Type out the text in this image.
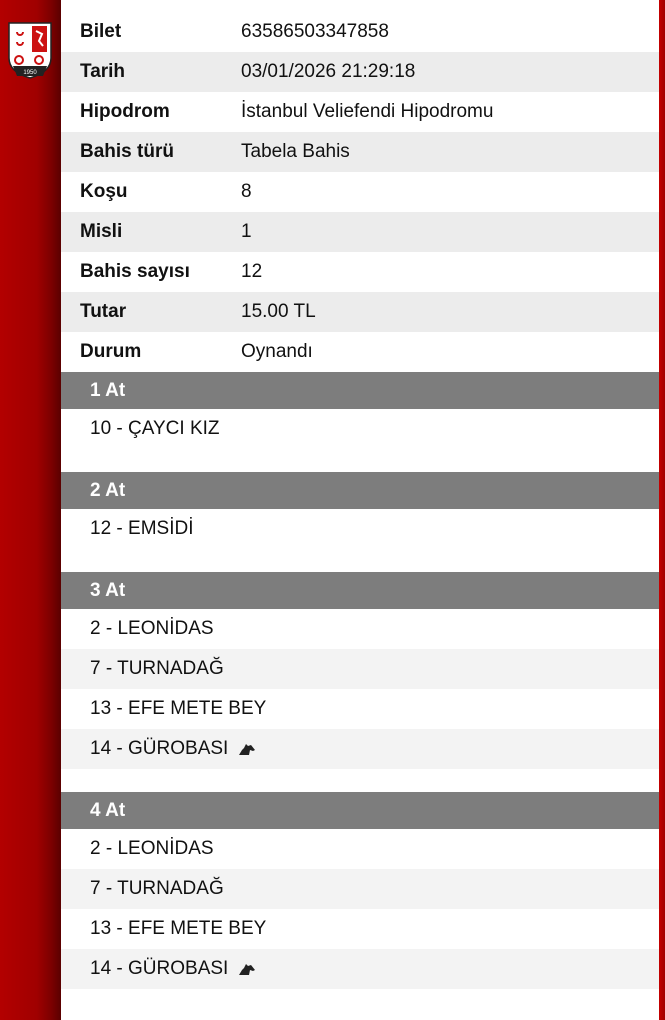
1950
Bilet	63586503347858
Tarih	03/01/2026 21:29:18
Hipodrom	İstanbul Veliefendi Hipodromu
Bahis türü	Tabela Bahis
Koşu	8
Misli	1
Bahis sayısı	12
Tutar	15.00 TL
Durum	Oynandı
1 At
10 - ÇAYCI KIZ
2 At
12 - EMSİDİ
3 At
2 - LEONİDAS
7 - TURNADAĞ
13 - EFE METE BEY
14 - GÜROBASI
4 At
2 - LEONİDAS
7 - TURNADAĞ
13 - EFE METE BEY
14 - GÜROBASI
